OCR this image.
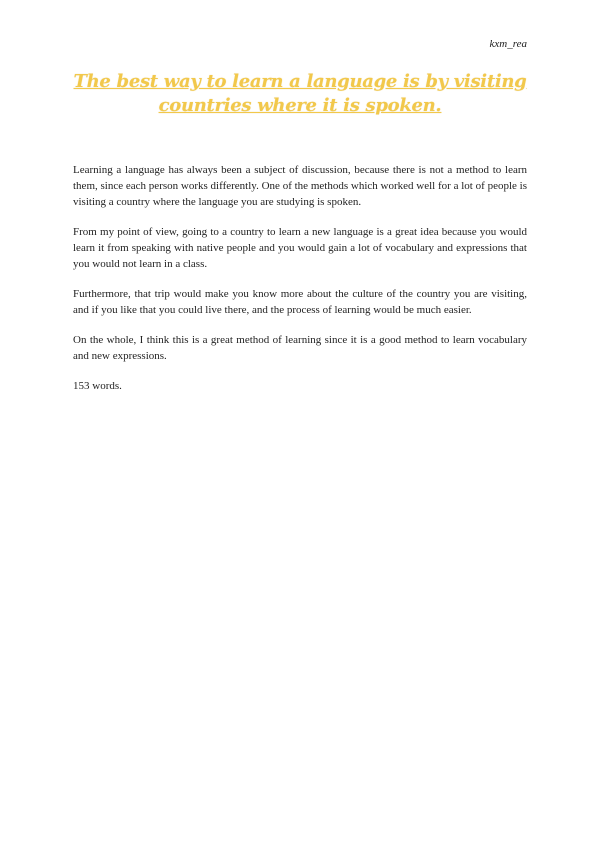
kxm_rea
The best way to learn a language is by visiting countries where it is spoken.

Learning a language has always been a subject of discussion, because there is not a method to learn them, since each person works differently. One of the methods which worked well for a lot of people is visiting a country where the language you are studying is spoken.

From my point of view, going to a country to learn a new language is a great idea because you would learn it from speaking with native people and you would gain a lot of vocabulary and expressions that you would not learn in a class.

Furthermore, that trip would make you know more about the culture of the country you are visiting, and if you like that you could live there, and the process of learning would be much easier.

On the whole, I think this is a great method of learning since it is a good method to learn vocabulary and new expressions.

153 words.
